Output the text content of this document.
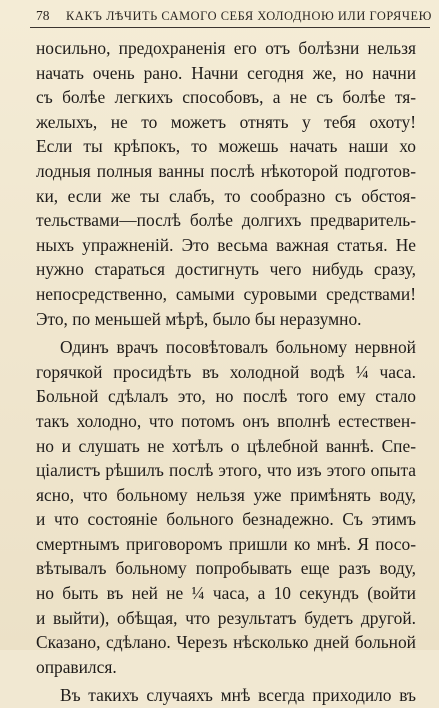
78 КАКЪ ЛѢЧИТЬ САМОГО СЕБЯ ХОЛОДНОЮ ИЛИ ГОРЯЧЕЮ
носильно, предохраненія его отъ болѣзни нельзя
начать очень рано. Начни сегодня же, но начни
съ болѣе легкихъ способовъ, а не съ болѣе тя-
желыхъ, не то можетъ отнять у тебя охоту!
Если ты крѣпокъ, то можешь начать наши хо
лодныя полныя ванны послѣ нѣкоторой подготов-
ки, если же ты слабъ, то сообразно съ обстоя-
тельствами—послѣ болѣе долгихъ предваритель-
ныхъ упражненій. Это весьма важная статья. Не
нужно стараться достигнуть чего нибудь сразу,
непосредственно, самыми суровыми средствами!
Это, по меньшей мѣрѣ, было бы неразумно.
Одинъ врачъ посовѣтовалъ больному нервной
горячкой просидѣть въ холодной водѣ ¼ часа.
Больной сдѣлалъ это, но послѣ того ему стало
такъ холодно, что потомъ онъ вполнѣ естествен-
но и слушать не хотѣлъ о цѣлебной ваннѣ. Спе-
ціалистъ рѣшилъ послѣ этого, что изъ этого опыта
ясно, что больному нельзя уже примѣнять воду,
и что состояніе больного безнадежно. Съ этимъ
смертнымъ приговоромъ пришли ко мнѣ. Я посо-
вѣтывалъ больному попробывать еще разъ воду,
но быть въ ней не ¼ часа, а 10 секундъ (войти
и выйти), обѣщая, что результатъ будетъ другой.
Сказано, сдѣлано. Черезъ нѣсколько дней больной
оправился.
Въ такихъ случаяхъ мнѣ всегда приходило въ
